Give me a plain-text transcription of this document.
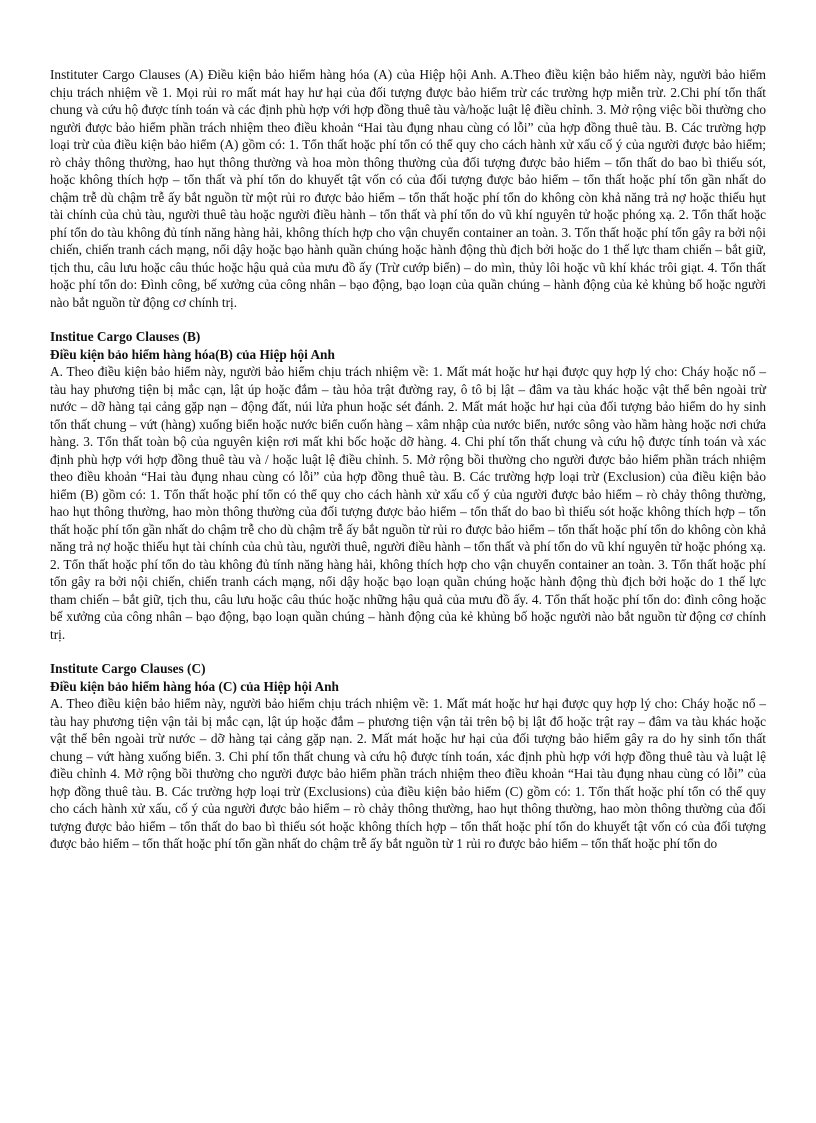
Instituter Cargo Clauses (A) Điều kiện bảo hiểm hàng hóa (A) của Hiệp hội Anh. A.Theo điều kiện bảo hiểm này, người bảo hiểm chịu trách nhiệm về 1. Mọi rủi ro mất mát hay hư hại của đối tượng được bảo hiểm trừ các trường hợp miễn trừ. 2.Chi phí tổn thất chung và cứu hộ được tính toán và các định phù hợp với hợp đồng thuê tàu và/hoặc luật lệ điều chỉnh. 3. Mở rộng việc bồi thường cho người được bảo hiểm phần trách nhiệm theo điều khoản “Hai tàu đụng nhau cùng có lỗi” của hợp đồng thuê tàu. B. Các trường hợp loại trừ của điều kiện bảo hiểm (A) gồm có: 1. Tổn thất hoặc phí tổn có thể quy cho cách hành xử xấu cố ý của người được bảo hiểm; rò chảy thông thường, hao hụt thông thường và hoa mòn thông thường của đối tượng được bảo hiểm – tổn thất do bao bì thiếu sót, hoặc không thích hợp – tổn thất và phí tổn do khuyết tật vốn có của đối tượng được bảo hiểm – tổn thất hoặc phí tổn gần nhất do chậm trễ dù chậm trễ ấy bắt nguồn từ một rủi ro được bảo hiểm – tổn thất hoặc phí tổn do không còn khả năng trả nợ hoặc thiếu hụt tài chính của chủ tàu, người thuê tàu hoặc người điều hành – tổn thất và phí tổn do vũ khí nguyên tử hoặc phóng xạ. 2. Tổn thất hoặc phí tổn do tàu không đủ tính năng hàng hải, không thích hợp cho vận chuyển container an toàn. 3. Tổn thất hoặc phí tổn gây ra bởi nội chiến, chiến tranh cách mạng, nổi dậy hoặc bạo hành quần chúng hoặc hành động thù địch bởi hoặc do 1 thế lực tham chiến – bắt giữ, tịch thu, câu lưu hoặc câu thúc hoặc hậu quả của mưu đồ ấy (Trừ cướp biển) – do mìn, thủy lôi hoặc vũ khí khác trôi giạt. 4. Tổn thất hoặc phí tổn do: Đình công, bế xưởng của công nhân – bạo động, bạo loạn của quần chúng – hành động của kẻ khủng bố hoặc người nào bắt nguồn từ động cơ chính trị.

Institue Cargo Clauses (B)

Điều kiện bảo hiểm hàng hóa(B) của Hiệp hội Anh

A. Theo điều kiện bảo hiểm này, người bảo hiểm chịu trách nhiệm về: 1. Mất mát hoặc hư hại được quy hợp lý cho: Cháy hoặc nổ – tàu hay phương tiện bị mắc cạn, lật úp hoặc đắm – tàu hỏa trật đường ray, ô tô bị lật – đâm va tàu khác hoặc vật thể bên ngoài trừ nước – dỡ hàng tại cảng gặp nạn – động đất, núi lửa phun hoặc sét đánh. 2. Mất mát hoặc hư hại của đối tượng bảo hiểm do hy sinh tổn thất chung – vứt (hàng) xuống biển hoặc nước biển cuốn hàng – xâm nhập của nước biển, nước sông vào hầm hàng hoặc nơi chứa hàng. 3. Tổn thất toàn bộ của nguyên kiện rơi mất khi bốc hoặc dỡ hàng. 4. Chi phí tổn thất chung và cứu hộ được tính toán và xác định phù hợp với hợp đồng thuê tàu và / hoặc luật lệ điều chỉnh. 5. Mở rộng bồi thường cho người được bảo hiểm phần trách nhiệm theo điều khoản “Hai tàu đụng nhau cùng có lỗi” của hợp đồng thuê tàu. B. Các trường hợp loại trừ (Exclusion) của điều kiện bảo hiểm (B) gồm có: 1. Tổn thất hoặc phí tổn có thể quy cho cách hành xử xấu cố ý của người được bảo hiểm – rò chảy thông thường, hao hụt thông thường, hao mòn thông thường của đối tượng được bảo hiểm – tổn thất do bao bì thiếu sót hoặc không thích hợp – tổn thất hoặc phí tổn gần nhất do chậm trễ cho dù chậm trễ ấy bắt nguồn từ rủi ro được bảo hiểm – tổn thất hoặc phí tổn do không còn khả năng trả nợ hoặc thiếu hụt tài chính của chủ tàu, người thuê, người điều hành – tổn thất và phí tổn do vũ khí nguyên tử hoặc phóng xạ. 2. Tổn thất hoặc phí tổn do tàu không đủ tính năng hàng hải, không thích hợp cho vận chuyển container an toàn. 3. Tổn thất hoặc phí tổn gây ra bởi nội chiến, chiến tranh cách mạng, nổi dậy hoặc bạo loạn quần chúng hoặc hành động thù địch bởi hoặc do 1 thế lực tham chiến – bắt giữ, tịch thu, câu lưu hoặc câu thúc hoặc những hậu quả của mưu đồ ấy. 4. Tổn thất hoặc phí tổn do: đình công hoặc bế xưởng của công nhân – bạo động, bạo loạn quần chúng – hành động của kẻ khủng bố hoặc người nào bắt nguồn từ động cơ chính trị.

Institute Cargo Clauses (C)

Điều kiện bảo hiểm hàng hóa (C) của Hiệp hội Anh

A. Theo điều kiện bảo hiểm này, người bảo hiểm chịu trách nhiệm về: 1. Mất mát hoặc hư hại được quy hợp lý cho: Cháy hoặc nổ – tàu hay phương tiện vận tải bị mắc cạn, lật úp hoặc đắm – phương tiện vận tải trên bộ bị lật đổ hoặc trật ray – đâm va tàu khác hoặc vật thể bên ngoài trừ nước – dỡ hàng tại cảng gặp nạn. 2. Mất mát hoặc hư hại của đối tượng bảo hiểm gây ra do hy sinh tổn thất chung – vứt hàng xuống biển. 3. Chi phí tổn thất chung và cứu hộ được tính toán, xác định phù hợp với hợp đồng thuê tàu và luật lệ điều chỉnh 4. Mở rộng bồi thường cho người được bảo hiểm phần trách nhiệm theo điều khoản “Hai tàu đụng nhau cùng có lỗi” của hợp đồng thuê tàu. B. Các trường hợp loại trừ (Exclusions) của điều kiện bảo hiểm (C) gồm có: 1. Tổn thất hoặc phí tổn có thể quy cho cách hành xử xấu, cố ý của người được bảo hiểm – rò chảy thông thường, hao hụt thông thường, hao mòn thông thường của đối tượng được bảo hiểm – tổn thất do bao bì thiếu sót hoặc không thích hợp – tổn thất hoặc phí tổn do khuyết tật vốn có của đối tượng được bảo hiểm – tổn thất hoặc phí tổn gần nhất do chậm trễ ấy bắt nguồn từ 1 rủi ro được bảo hiểm – tổn thất hoặc phí tổn do
